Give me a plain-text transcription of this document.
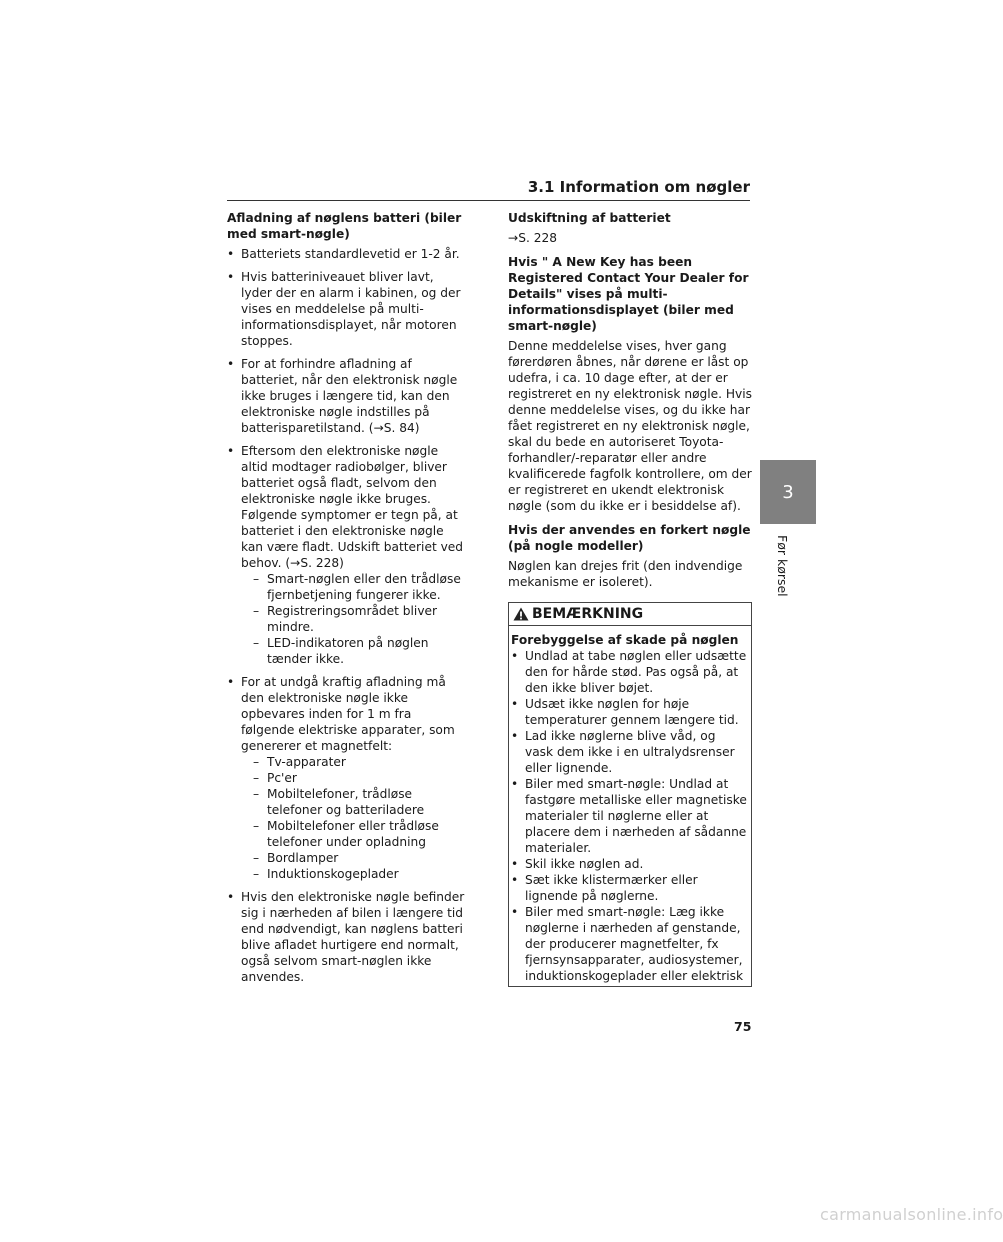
3.1 Information om nøgler
Afladning af nøglens batteri (biler med smart-nøgle)
• Batteriets standardlevetid er 1-2 år.
• Hvis batteriniveauet bliver lavt, lyder der en alarm i kabinen, og der vises en meddelelse på multi-informationsdisplayet, når motoren stoppes.
• For at forhindre afladning af batteriet, når den elektronisk nøgle ikke bruges i længere tid, kan den elektroniske nøgle indstilles på batterisparetilstand. (→S. 84)
• Eftersom den elektroniske nøgle altid modtager radiobølger, bliver batteriet også fladt, selvom den elektroniske nøgle ikke bruges. Følgende symptomer er tegn på, at batteriet i den elektroniske nøgle kan være fladt. Udskift batteriet ved behov. (→S. 228)
– Smart-nøglen eller den trådløse fjernbetjening fungerer ikke.
– Registreringsområdet bliver mindre.
– LED-indikatoren på nøglen tænder ikke.
• For at undgå kraftig afladning må den elektroniske nøgle ikke opbevares inden for 1 m fra følgende elektriske apparater, som genererer et magnetfelt:
– Tv-apparater
– Pc'er
– Mobiltelefoner, trådløse telefoner og batteriladere
– Mobiltelefoner eller trådløse telefoner under opladning
– Bordlamper
– Induktionskogeplader
• Hvis den elektroniske nøgle befinder sig i nærheden af bilen i længere tid end nødvendigt, kan nøglens batteri blive afladet hurtigere end normalt, også selvom smart-nøglen ikke anvendes.
Udskiftning af batteriet
→S. 228
Hvis " A New Key has been Registered Contact Your Dealer for Details" vises på multi-informationsdisplayet (biler med smart-nøgle)
Denne meddelelse vises, hver gang førerdøren åbnes, når dørene er låst op udefra, i ca. 10 dage efter, at der er registreret en ny elektronisk nøgle. Hvis denne meddelelse vises, og du ikke har fået registreret en ny elektronisk nøgle, skal du bede en autoriseret Toyota-forhandler/-reparatør eller andre kvalificerede fagfolk kontrollere, om der er registreret en ukendt elektronisk nøgle (som du ikke er i besiddelse af).
Hvis der anvendes en forkert nøgle (på nogle modeller)
Nøglen kan drejes frit (den indvendige mekanisme er isoleret).
BEMÆRKNING
Forebyggelse af skade på nøglen
• Undlad at tabe nøglen eller udsætte den for hårde stød. Pas også på, at den ikke bliver bøjet.
• Udsæt ikke nøglen for høje temperaturer gennem længere tid.
• Lad ikke nøglerne blive våd, og vask dem ikke i en ultralydsrenser eller lignende.
• Biler med smart-nøgle: Undlad at fastgøre metalliske eller magnetiske materialer til nøglerne eller at placere dem i nærheden af sådanne materialer.
• Skil ikke nøglen ad.
• Sæt ikke klistermærker eller lignende på nøglerne.
• Biler med smart-nøgle: Læg ikke nøglerne i nærheden af genstande, der producerer magnetfelter, fx fjernsynsapparater, audiosystemer, induktionskogeplader eller elektrisk
3
Før kørsel
75
carmanualsonline.info
